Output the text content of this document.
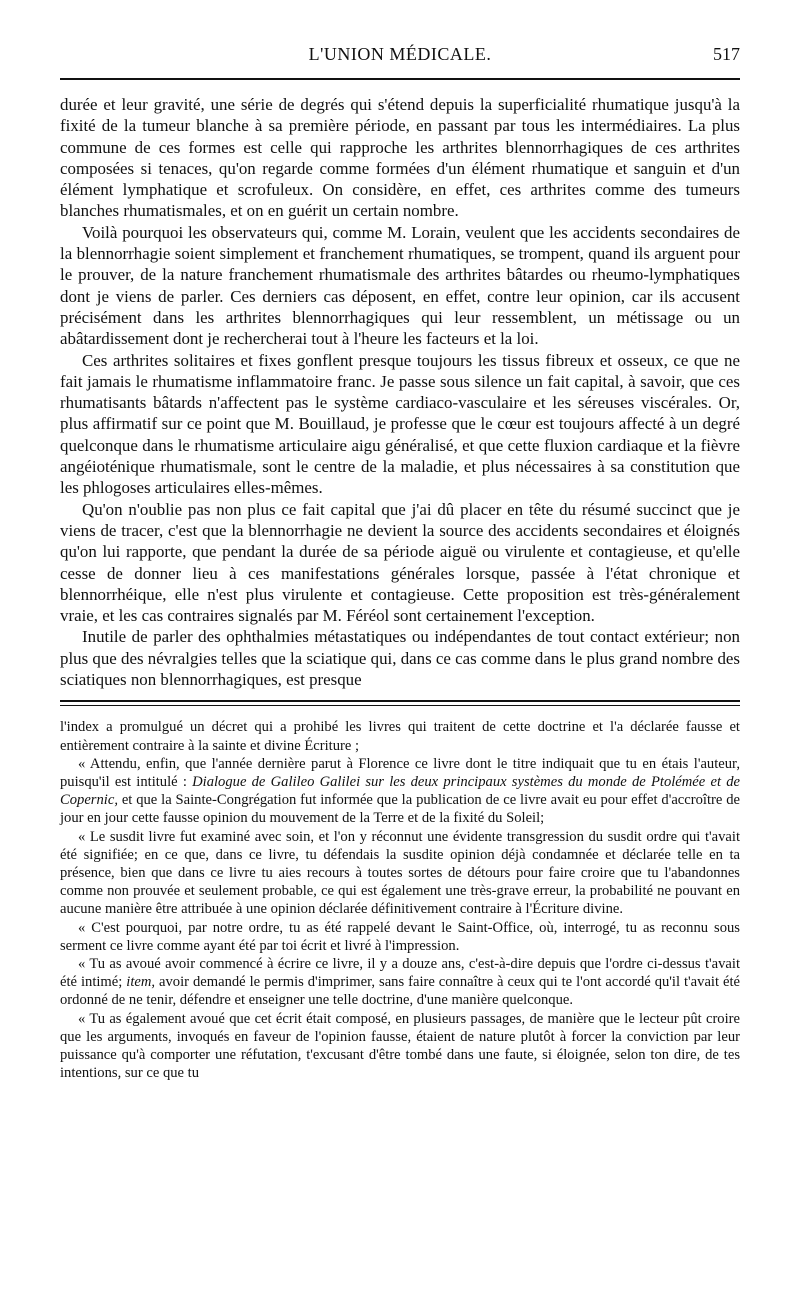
L'UNION MÉDICALE.	517

durée et leur gravité, une série de degrés qui s'étend depuis la superficialité rhumatique jusqu'à la fixité de la tumeur blanche à sa première période, en passant par tous les intermédiaires. La plus commune de ces formes est celle qui rapproche les arthrites blennorrhagiques de ces arthrites composées si tenaces, qu'on regarde comme formées d'un élément rhumatique et sanguin et d'un élément lymphatique et scrofuleux. On considère, en effet, ces arthrites comme des tumeurs blanches rhumatismales, et on en guérit un certain nombre.

Voilà pourquoi les observateurs qui, comme M. Lorain, veulent que les accidents secondaires de la blennorrhagie soient simplement et franchement rhumatiques, se trompent, quand ils arguent pour le prouver, de la nature franchement rhumatismale des arthrites bâtardes ou rheumo-lymphatiques dont je viens de parler. Ces derniers cas déposent, en effet, contre leur opinion, car ils accusent précisément dans les arthrites blennorrhagiques qui leur ressemblent, un métissage ou un abâtardissement dont je rechercherai tout à l'heure les facteurs et la loi.

Ces arthrites solitaires et fixes gonflent presque toujours les tissus fibreux et osseux, ce que ne fait jamais le rhumatisme inflammatoire franc. Je passe sous silence un fait capital, à savoir, que ces rhumatisants bâtards n'affectent pas le système cardiaco-vasculaire et les séreuses viscérales. Or, plus affirmatif sur ce point que M. Bouillaud, je professe que le cœur est toujours affecté à un degré quelconque dans le rhumatisme articulaire aigu généralisé, et que cette fluxion cardiaque et la fièvre angéioténique rhumatismale, sont le centre de la maladie, et plus nécessaires à sa constitution que les phlogoses articulaires elles-mêmes.

Qu'on n'oublie pas non plus ce fait capital que j'ai dû placer en tête du résumé succinct que je viens de tracer, c'est que la blennorrhagie ne devient la source des accidents secondaires et éloignés qu'on lui rapporte, que pendant la durée de sa période aiguë ou virulente et contagieuse, et qu'elle cesse de donner lieu à ces manifestations générales lorsque, passée à l'état chronique et blennorrhéique, elle n'est plus virulente et contagieuse. Cette proposition est très-généralement vraie, et les cas contraires signalés par M. Féréol sont certainement l'exception.

Inutile de parler des ophthalmies métastatiques ou indépendantes de tout contact extérieur; non plus que des névralgies telles que la sciatique qui, dans ce cas comme dans le plus grand nombre des sciatiques non blennorrhagiques, est presque

l'index a promulgué un décret qui a prohibé les livres qui traitent de cette doctrine et l'a déclarée fausse et entièrement contraire à la sainte et divine Écriture ;

« Attendu, enfin, que l'année dernière parut à Florence ce livre dont le titre indiquait que tu en étais l'auteur, puisqu'il est intitulé : Dialogue de Galileo Galilei sur les deux principaux systèmes du monde de Ptolémée et de Copernic, et que la Sainte-Congrégation fut informée que la publication de ce livre avait eu pour effet d'accroître de jour en jour cette fausse opinion du mouvement de la Terre et de la fixité du Soleil;

« Le susdit livre fut examiné avec soin, et l'on y réconnut une évidente transgression du susdit ordre qui t'avait été signifiée; en ce que, dans ce livre, tu défendais la susdite opinion déjà condamnée et déclarée telle en ta présence, bien que dans ce livre tu aies recours à toutes sortes de détours pour faire croire que tu l'abandonnes comme non prouvée et seulement probable, ce qui est également une très-grave erreur, la probabilité ne pouvant en aucune manière être attribuée à une opinion déclarée définitivement contraire à l'Écriture divine.

« C'est pourquoi, par notre ordre, tu as été rappelé devant le Saint-Office, où, interrogé, tu as reconnu sous serment ce livre comme ayant été par toi écrit et livré à l'impression.

« Tu as avoué avoir commencé à écrire ce livre, il y a douze ans, c'est-à-dire depuis que l'ordre ci-dessus t'avait été intimé; item, avoir demandé le permis d'imprimer, sans faire connaître à ceux qui te l'ont accordé qu'il t'avait été ordonné de ne tenir, défendre et enseigner une telle doctrine, d'une manière quelconque.

« Tu as également avoué que cet écrit était composé, en plusieurs passages, de manière que le lecteur pût croire que les arguments, invoqués en faveur de l'opinion fausse, étaient de nature plutôt à forcer la conviction par leur puissance qu'à comporter une réfutation, t'excusant d'être tombé dans une faute, si éloignée, selon ton dire, de tes intentions, sur ce que tu
